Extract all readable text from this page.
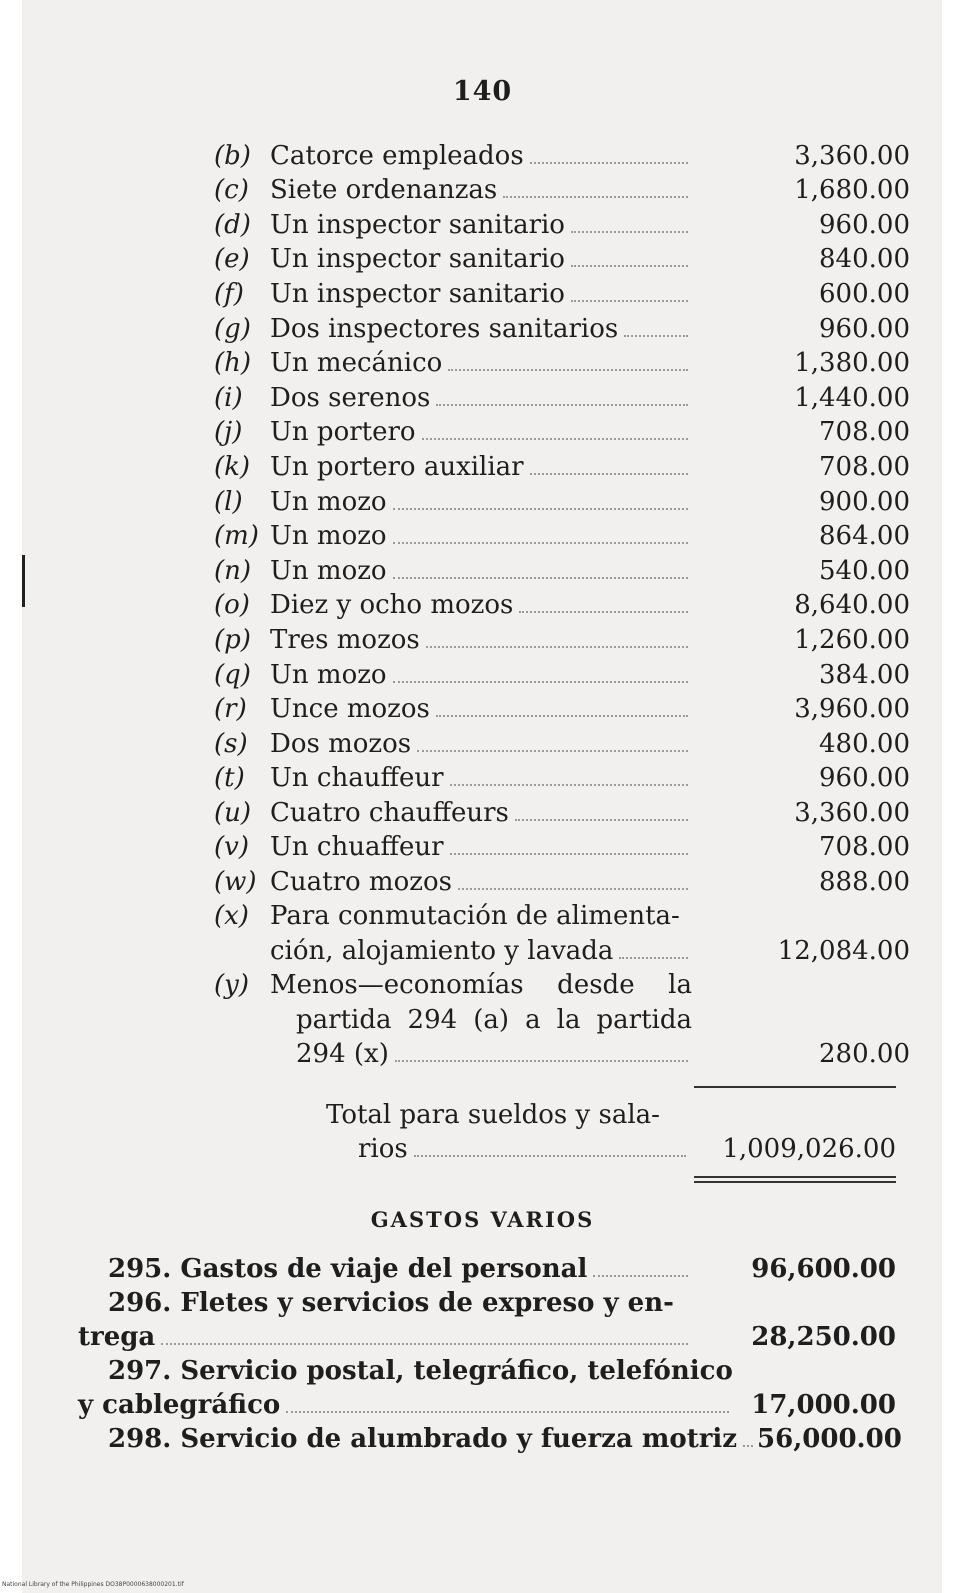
140
(b) Catorce empleados	3,360.00
(c) Siete ordenanzas	1,680.00
(d) Un inspector sanitario	960.00
(e) Un inspector sanitario	840.00
(f)	Un inspector sanitario	600.00
(g) Dos inspectores sanitarios	960.00
(h) Un mecánico	1,380.00
(i)	Dos serenos	1,440.00
(j)	Un portero	708.00
(k) Un portero auxiliar	708.00
(l)	Un mozo	900.00
(m) Un mozo	864.00
(n) Un mozo	540.00
(o) Diez y ocho mozos	8,640.00
(p) Tres mozos	1,260.00
(q) Un mozo	384.00
(r) Unce mozos	3,960.00
(s) Dos mozos	480.00
(t) Un chauffeur	960.00
(u) Cuatro chauffeurs	3,360.00
(v) Un chuaffeur	708.00
(w) Cuatro mozos	888.00
(x) Para conmutación de alimenta-
ción, alojamiento y lavada	12,084.00
(y) Menos—economías desde la
partida 294 (a) a la partida
294 (x)	280.00
Total para sueldos y sala-
rios	1,009,026.00
GASTOS VARIOS
295. Gastos de viaje del personal	96,600.00
296. Fletes y servicios de expreso y en-
trega	28,250.00
297. Servicio postal, telegráfico, telefónico
y cablegráfico	17,000.00
298. Servicio de alumbrado y fuerza motriz 56,000.00
National Library of the Philippines DO38P0000638000201.tif
